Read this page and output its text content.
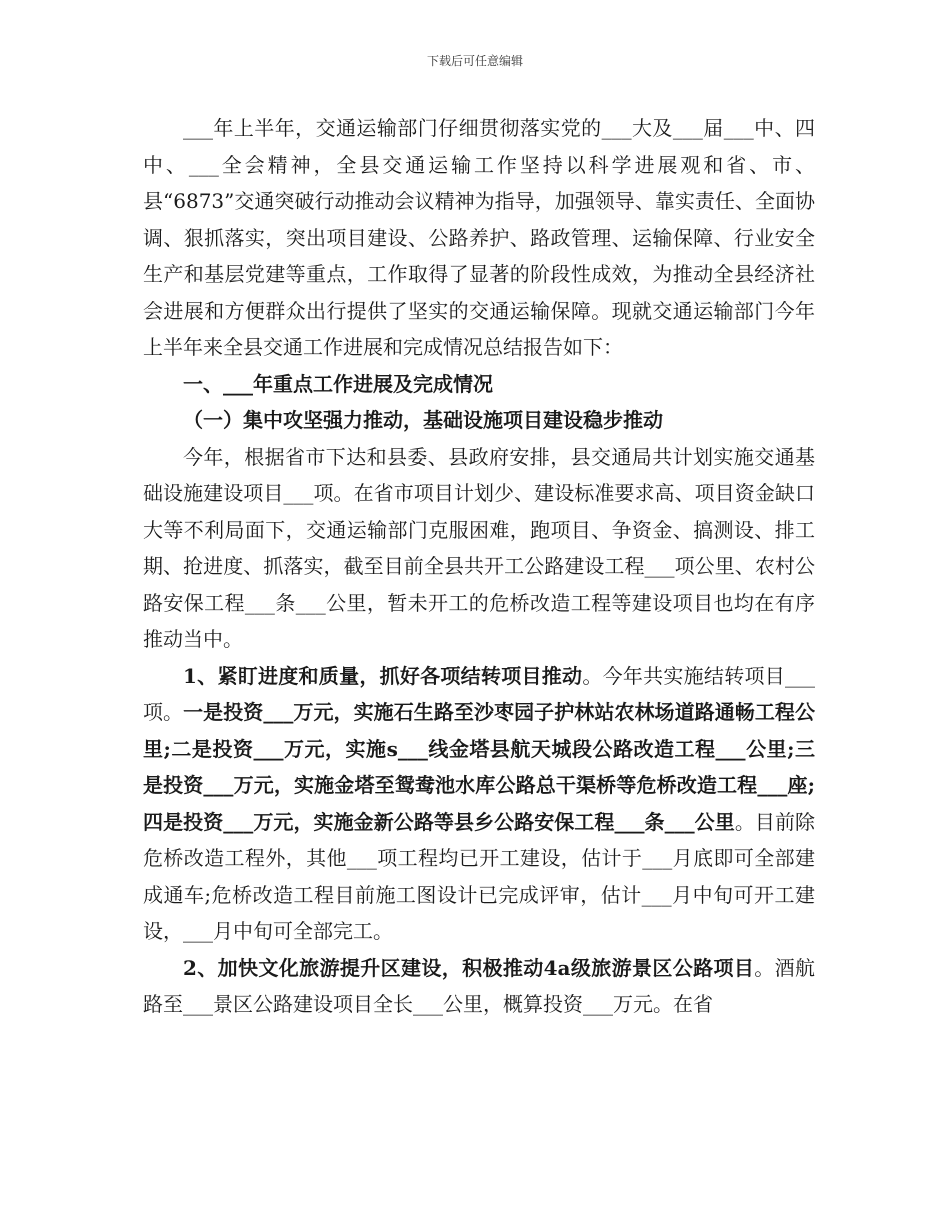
下载后可任意编辑

___年上半年，交通运输部门仔细贯彻落实党的___大及___届___中、四中、___全会精神，全县交通运输工作坚持以科学进展观和省、市、县“6873”交通突破行动推动会议精神为指导，加强领导、靠实责任、全面协调、狠抓落实，突出项目建设、公路养护、路政管理、运输保障、行业安全生产和基层党建等重点，工作取得了显著的阶段性成效，为推动全县经济社会进展和方便群众出行提供了坚实的交通运输保障。现就交通运输部门今年上半年来全县交通工作进展和完成情况总结报告如下：

一、___年重点工作进展及完成情况
（一）集中攻坚强力推动，基础设施项目建设稳步推动

今年，根据省市下达和县委、县政府安排，县交通局共计划实施交通基础设施建设项目___项。在省市项目计划少、建设标准要求高、项目资金缺口大等不利局面下，交通运输部门克服困难，跑项目、争资金、搞测设、排工期、抢进度、抓落实，截至目前全县共开工公路建设工程___项公里、农村公路安保工程___条___公里，暂未开工的危桥改造工程等建设项目也均在有序推动当中。

1、紧盯进度和质量，抓好各项结转项目推动。今年共实施结转项目___项。一是投资___万元，实施石生路至沙枣园子护林站农林场道路通畅工程公里;二是投资___万元，实施s___线金塔县航天城段公路改造工程___公里;三是投资___万元，实施金塔至鸳鸯池水库公路总干渠桥等危桥改造工程___座;四是投资___万元，实施金新公路等县乡公路安保工程___条___公里。目前除危桥改造工程外，其他___项工程均已开工建设，估计于___月底即可全部建成通车;危桥改造工程目前施工图设计已完成评审，估计___月中旬可开工建设，___月中旬可全部完工。

2、加快文化旅游提升区建设，积极推动4a级旅游景区公路项目。酒航路至___景区公路建设项目全长___公里，概算投资___万元。在省
